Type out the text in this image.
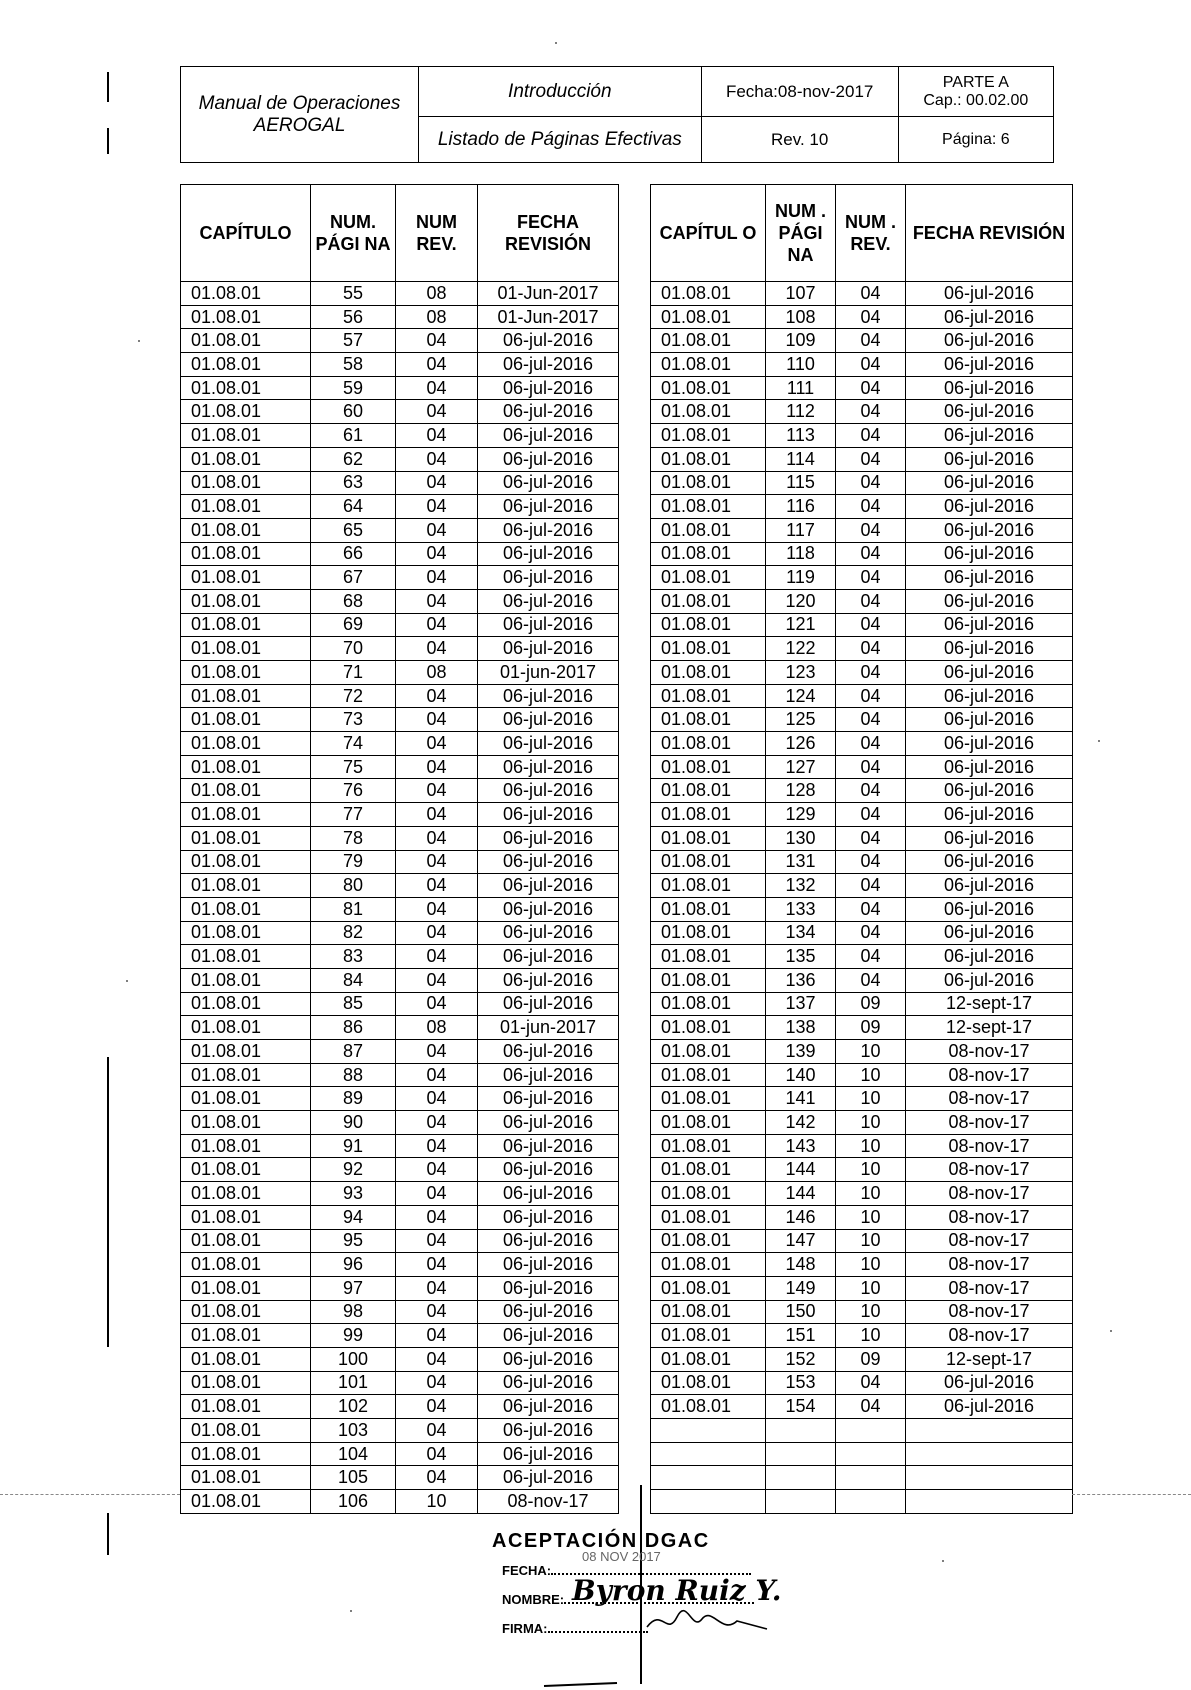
Manual de Operaciones AEROGAL	Introducción	Fecha:08-nov-2017	PARTE A
Cap.: 00.02.00

	Listado de Páginas Efectivas	Rev. 10	Página: 6
CAPÍTULO	NUM. PÁGI NA	NUM REV.	FECHA REVISIÓN
01.08.01	55	08	01-Jun-2017
01.08.01	56	08	01-Jun-2017
01.08.01	57	04	06-jul-2016
01.08.01	58	04	06-jul-2016
01.08.01	59	04	06-jul-2016
01.08.01	60	04	06-jul-2016
01.08.01	61	04	06-jul-2016
01.08.01	62	04	06-jul-2016
01.08.01	63	04	06-jul-2016
01.08.01	64	04	06-jul-2016
01.08.01	65	04	06-jul-2016
01.08.01	66	04	06-jul-2016
01.08.01	67	04	06-jul-2016
01.08.01	68	04	06-jul-2016
01.08.01	69	04	06-jul-2016
01.08.01	70	04	06-jul-2016
01.08.01	71	08	01-jun-2017
01.08.01	72	04	06-jul-2016
01.08.01	73	04	06-jul-2016
01.08.01	74	04	06-jul-2016
01.08.01	75	04	06-jul-2016
01.08.01	76	04	06-jul-2016
01.08.01	77	04	06-jul-2016
01.08.01	78	04	06-jul-2016
01.08.01	79	04	06-jul-2016
01.08.01	80	04	06-jul-2016
01.08.01	81	04	06-jul-2016
01.08.01	82	04	06-jul-2016
01.08.01	83	04	06-jul-2016
01.08.01	84	04	06-jul-2016
01.08.01	85	04	06-jul-2016
01.08.01	86	08	01-jun-2017
01.08.01	87	04	06-jul-2016
01.08.01	88	04	06-jul-2016
01.08.01	89	04	06-jul-2016
01.08.01	90	04	06-jul-2016
01.08.01	91	04	06-jul-2016
01.08.01	92	04	06-jul-2016
01.08.01	93	04	06-jul-2016
01.08.01	94	04	06-jul-2016
01.08.01	95	04	06-jul-2016
01.08.01	96	04	06-jul-2016
01.08.01	97	04	06-jul-2016
01.08.01	98	04	06-jul-2016
01.08.01	99	04	06-jul-2016
01.08.01	100	04	06-jul-2016
01.08.01	101	04	06-jul-2016
01.08.01	102	04	06-jul-2016
01.08.01	103	04	06-jul-2016
01.08.01	104	04	06-jul-2016
01.08.01	105	04	06-jul-2016
01.08.01	106	10	08-nov-17
CAPÍTUL O	NUM . PÁGI NA	NUM . REV.	FECHA REVISIÓN
01.08.01	107	04	06-jul-2016
01.08.01	108	04	06-jul-2016
01.08.01	109	04	06-jul-2016
01.08.01	110	04	06-jul-2016
01.08.01	111	04	06-jul-2016
01.08.01	112	04	06-jul-2016
01.08.01	113	04	06-jul-2016
01.08.01	114	04	06-jul-2016
01.08.01	115	04	06-jul-2016
01.08.01	116	04	06-jul-2016
01.08.01	117	04	06-jul-2016
01.08.01	118	04	06-jul-2016
01.08.01	119	04	06-jul-2016
01.08.01	120	04	06-jul-2016
01.08.01	121	04	06-jul-2016
01.08.01	122	04	06-jul-2016
01.08.01	123	04	06-jul-2016
01.08.01	124	04	06-jul-2016
01.08.01	125	04	06-jul-2016
01.08.01	126	04	06-jul-2016
01.08.01	127	04	06-jul-2016
01.08.01	128	04	06-jul-2016
01.08.01	129	04	06-jul-2016
01.08.01	130	04	06-jul-2016
01.08.01	131	04	06-jul-2016
01.08.01	132	04	06-jul-2016
01.08.01	133	04	06-jul-2016
01.08.01	134	04	06-jul-2016
01.08.01	135	04	06-jul-2016
01.08.01	136	04	06-jul-2016
01.08.01	137	09	12-sept-17
01.08.01	138	09	12-sept-17
01.08.01	139	10	08-nov-17
01.08.01	140	10	08-nov-17
01.08.01	141	10	08-nov-17
01.08.01	142	10	08-nov-17
01.08.01	143	10	08-nov-17
01.08.01	144	10	08-nov-17
01.08.01	144	10	08-nov-17
01.08.01	146	10	08-nov-17
01.08.01	147	10	08-nov-17
01.08.01	148	10	08-nov-17
01.08.01	149	10	08-nov-17
01.08.01	150	10	08-nov-17
01.08.01	151	10	08-nov-17
01.08.01	152	09	12-sept-17
01.08.01	153	04	06-jul-2016
01.08.01	154	04	06-jul-2016

ACEPTACIÓN DGAC
FECHA:
08 NOV 2017
NOMBRE: Byron Ruiz Y.
FIRMA:
